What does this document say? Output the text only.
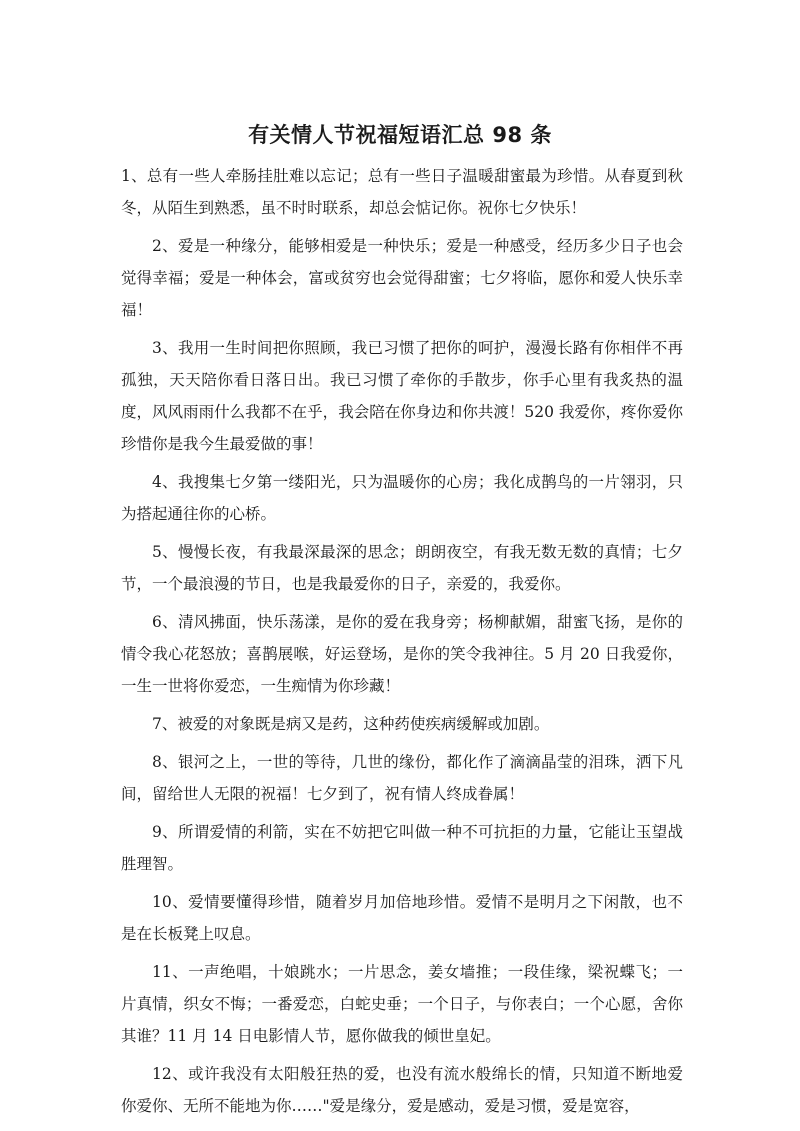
有关情人节祝福短语汇总 98 条

1、总有一些人牵肠挂肚难以忘记；总有一些日子温暖甜蜜最为珍惜。从春夏到秋冬，从陌生到熟悉，虽不时时联系，却总会惦记你。祝你七夕快乐！

2、爱是一种缘分，能够相爱是一种快乐；爱是一种感受，经历多少日子也会觉得幸福；爱是一种体会，富或贫穷也会觉得甜蜜；七夕将临，愿你和爱人快乐幸福！

3、我用一生时间把你照顾，我已习惯了把你的呵护，漫漫长路有你相伴不再孤独，天天陪你看日落日出。我已习惯了牵你的手散步，你手心里有我炙热的温度，风风雨雨什么我都不在乎，我会陪在你身边和你共渡！520 我爱你，疼你爱你珍惜你是我今生最爱做的事！

4、我搜集七夕第一缕阳光，只为温暖你的心房；我化成鹊鸟的一片翎羽，只为搭起通往你的心桥。

5、慢慢长夜，有我最深最深的思念；朗朗夜空，有我无数无数的真情；七夕节，一个最浪漫的节日，也是我最爱你的日子，亲爱的，我爱你。

6、清风拂面，快乐荡漾，是你的爱在我身旁；杨柳献媚，甜蜜飞扬，是你的情令我心花怒放；喜鹊展喉，好运登场，是你的笑令我神往。5 月 20 日我爱你，一生一世将你爱恋，一生痴情为你珍藏！

7、被爱的对象既是病又是药，这种药使疾病缓解或加剧。

8、银河之上，一世的等待，几世的缘份，都化作了滴滴晶莹的泪珠，洒下凡间，留给世人无限的祝福！七夕到了，祝有情人终成眷属！

9、所谓爱情的利箭，实在不妨把它叫做一种不可抗拒的力量，它能让玉望战胜理智。

10、爱情要懂得珍惜，随着岁月加倍地珍惜。爱情不是明月之下闲散，也不是在长板凳上叹息。

11、一声绝唱，十娘跳水；一片思念，姜女墙推；一段佳缘，梁祝蝶飞；一片真情，织女不悔；一番爱恋，白蛇史垂；一个日子，与你表白；一个心愿，舍你其谁？11 月 14 日电影情人节，愿你做我的倾世皇妃。

12、或许我没有太阳般狂热的爱，也没有流水般绵长的情，只知道不断地爱你爱你、无所不能地为你……"爱是缘分，爱是感动，爱是习惯，爱是宽容，
